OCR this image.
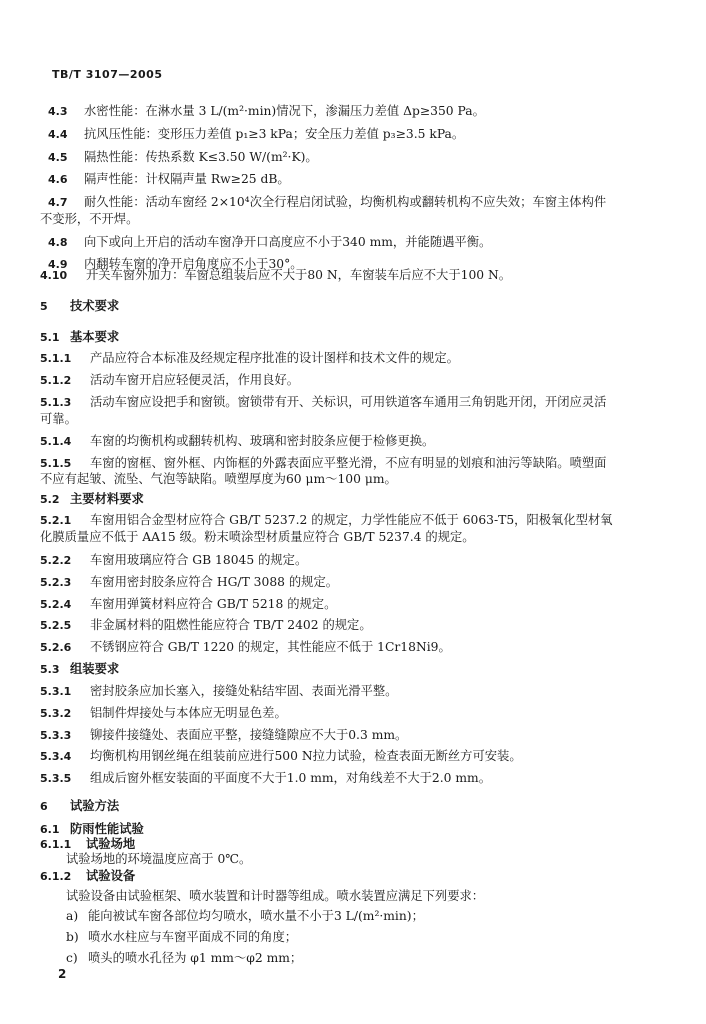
TB/T 3107—2005
4.3 水密性能：在淋水量 3 L/(m²·min)情况下，渗漏压力差值 Δp≥350 Pa。
4.4 抗风压性能：变形压力差值 p₁≥3 kPa；安全压力差值 p₃≥3.5 kPa。
4.5 隔热性能：传热系数 K≤3.50 W/(m²·K)。
4.6 隔声性能：计权隔声量 Rw≥25 dB。
4.7 耐久性能：活动车窗经 2×10⁴次全行程启闭试验，均衡机构或翻转机构不应失效；车窗主体构件
不变形，不开焊。
4.8 向下或向上开启的活动车窗净开口高度应不小于340 mm，并能随遇平衡。
4.9 内翻转车窗的净开启角度应不小于30°。
4.10 开关车窗外加力：车窗总组装后应不大于80 N，车窗装车后应不大于100 N。
5 技术要求
5.1 基本要求
5.1.1 产品应符合本标准及经规定程序批准的设计图样和技术文件的规定。
5.1.2 活动车窗开启应轻便灵活，作用良好。
5.1.3 活动车窗应设把手和窗锁。窗锁带有开、关标识，可用铁道客车通用三角钥匙开闭，开闭应灵活
可靠。
5.1.4 车窗的均衡机构或翻转机构、玻璃和密封胶条应便于检修更换。
5.1.5 车窗的窗框、窗外框、内饰框的外露表面应平整光滑，不应有明显的划痕和油污等缺陷。喷塑面
不应有起皱、流坠、气泡等缺陷。喷塑厚度为60 μm～100 μm。
5.2 主要材料要求
5.2.1 车窗用铝合金型材应符合 GB/T 5237.2 的规定，力学性能应不低于 6063-T5，阳极氧化型材氧
化膜质量应不低于 AA15 级。粉末喷涂型材质量应符合 GB/T 5237.4 的规定。
5.2.2 车窗用玻璃应符合 GB 18045 的规定。
5.2.3 车窗用密封胶条应符合 HG/T 3088 的规定。
5.2.4 车窗用弹簧材料应符合 GB/T 5218 的规定。
5.2.5 非金属材料的阻燃性能应符合 TB/T 2402 的规定。
5.2.6 不锈钢应符合 GB/T 1220 的规定，其性能应不低于 1Cr18Ni9。
5.3 组装要求
5.3.1 密封胶条应加长塞入，接缝处粘结牢固、表面光滑平整。
5.3.2 铝制件焊接处与本体应无明显色差。
5.3.3 铆接件接缝处、表面应平整，接缝缝隙应不大于0.3 mm。
5.3.4 均衡机构用钢丝绳在组装前应进行500 N拉力试验，检查表面无断丝方可安装。
5.3.5 组成后窗外框安装面的平面度不大于1.0 mm，对角线差不大于2.0 mm。
6 试验方法
6.1 防雨性能试验
6.1.1 试验场地
试验场地的环境温度应高于 0℃。
6.1.2 试验设备
试验设备由试验框架、喷水装置和计时器等组成。喷水装置应满足下列要求：
a) 能向被试车窗各部位均匀喷水，喷水量不小于3 L/(m²·min)；
b) 喷水水柱应与车窗平面成不同的角度；
c) 喷头的喷水孔径为 φ1 mm～φ2 mm；
2
